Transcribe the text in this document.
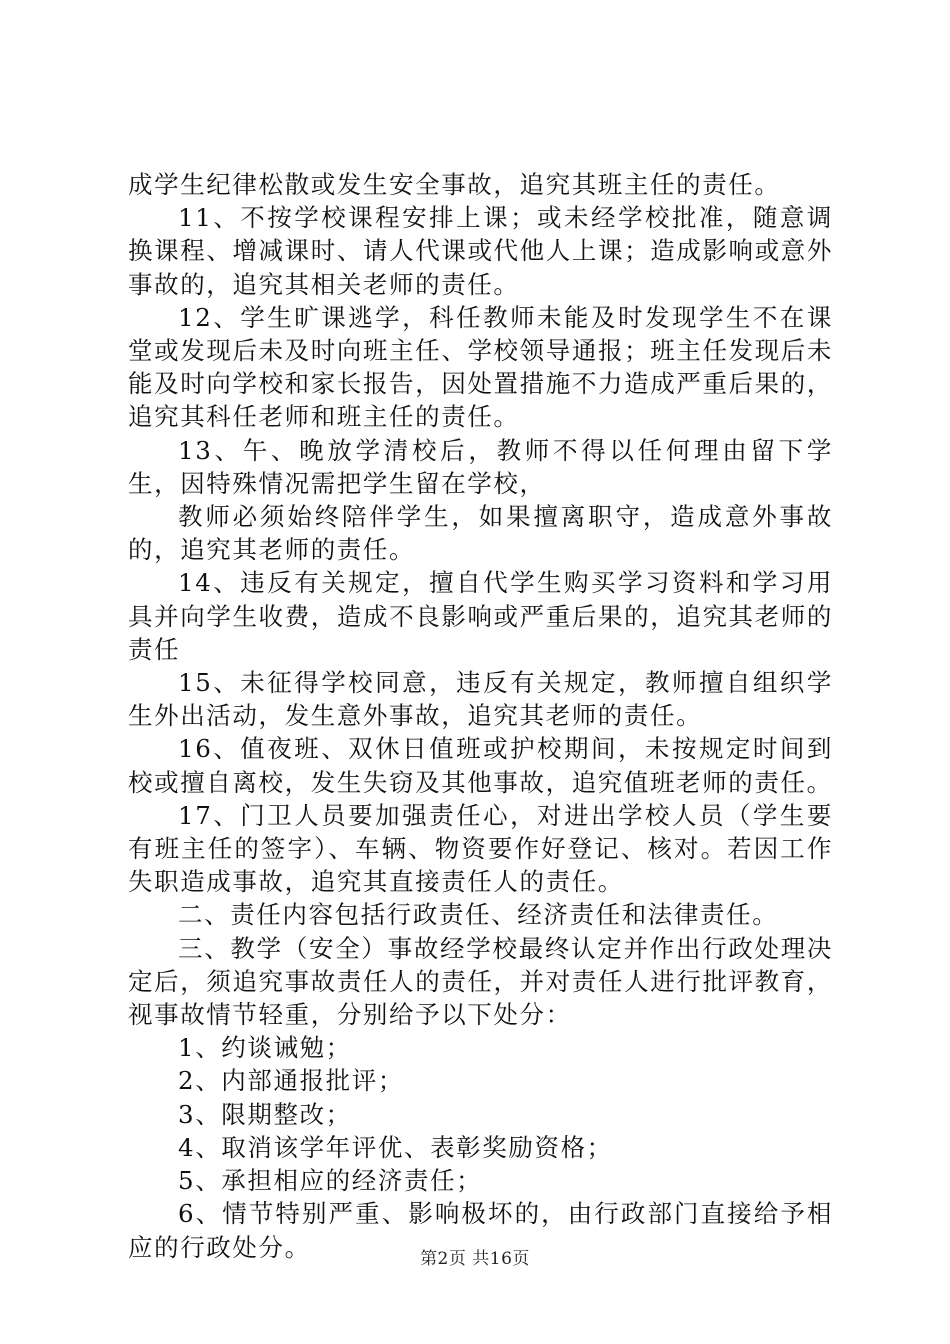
成学生纪律松散或发生安全事故，追究其班主任的责任。

11、不按学校课程安排上课；或未经学校批准，随意调换课程、增减课时、请人代课或代他人上课；造成影响或意外事故的，追究其相关老师的责任。

12、学生旷课逃学，科任教师未能及时发现学生不在课堂或发现后未及时向班主任、学校领导通报；班主任发现后未能及时向学校和家长报告，因处置措施不力造成严重后果的，追究其科任老师和班主任的责任。

13、午、晚放学清校后，教师不得以任何理由留下学生，因特殊情况需把学生留在学校，

教师必须始终陪伴学生，如果擅离职守，造成意外事故的，追究其老师的责任。

14、违反有关规定，擅自代学生购买学习资料和学习用具并向学生收费，造成不良影响或严重后果的，追究其老师的责任

15、未征得学校同意，违反有关规定，教师擅自组织学生外出活动，发生意外事故，追究其老师的责任。

16、值夜班、双休日值班或护校期间，未按规定时间到校或擅自离校，发生失窃及其他事故，追究值班老师的责任。

17、门卫人员要加强责任心，对进出学校人员（学生要有班主任的签字）、车辆、物资要作好登记、核对。若因工作失职造成事故，追究其直接责任人的责任。

二、责任内容包括行政责任、经济责任和法律责任。

三、教学（安全）事故经学校最终认定并作出行政处理决定后，须追究事故责任人的责任，并对责任人进行批评教育，视事故情节轻重，分别给予以下处分：

1、约谈诫勉；

2、内部通报批评；

3、限期整改；

4、取消该学年评优、表彰奖励资格；

5、承担相应的经济责任；

6、情节特别严重、影响极坏的，由行政部门直接给予相应的行政处分。	第2页 共16页
